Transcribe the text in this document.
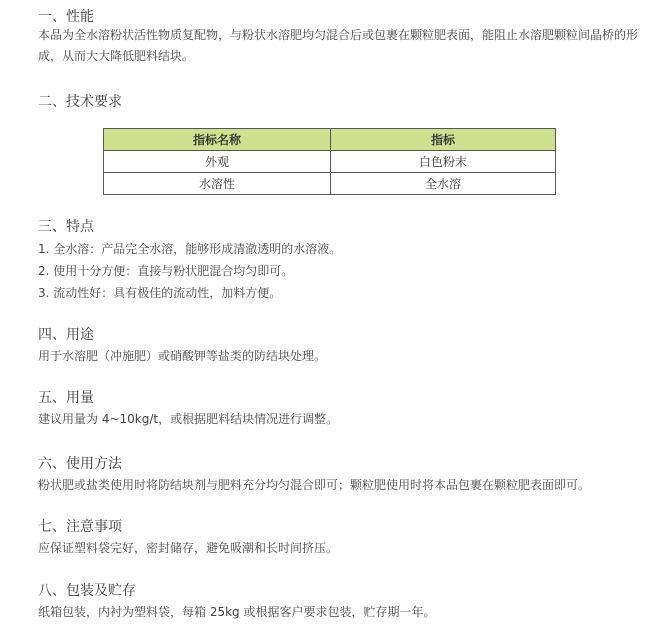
一、性能
本品为全水溶粉状活性物质复配物，与粉状水溶肥均匀混合后或包裹在颗粒肥表面，能阻止水溶肥颗粒间晶桥的形成，从而大大降低肥料结块。
二、技术要求
指标名称	指标
外观	白色粉末
水溶性	全水溶
三、特点
1. 全水溶：产品完全水溶，能够形成清澈透明的水溶液。
2. 使用十分方便：直接与粉状肥混合均匀即可。
3. 流动性好：具有极佳的流动性，加料方便。
四、用途
用于水溶肥（冲施肥）或硝酸钾等盐类的防结块处理。
五、用量
建议用量为 4~10kg/t，或根据肥料结块情况进行调整。
六、使用方法
粉状肥或盐类使用时将防结块剂与肥料充分均匀混合即可；颗粒肥使用时将本品包裹在颗粒肥表面即可。
七、注意事项
应保证塑料袋完好，密封储存，避免吸潮和长时间挤压。
八、包装及贮存
纸箱包装，内衬为塑料袋，每箱 25kg 或根据客户要求包装，贮存期一年。
